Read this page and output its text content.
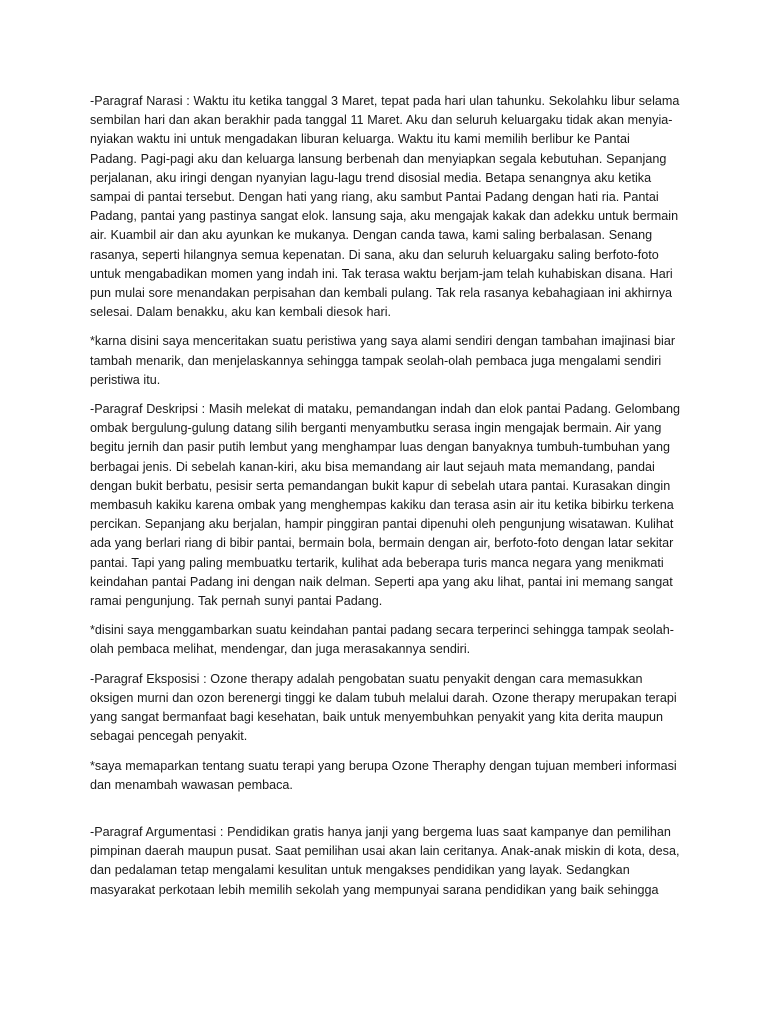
-Paragraf Narasi : Waktu itu ketika tanggal 3 Maret, tepat pada hari ulan tahunku. Sekolahku libur selama sembilan hari dan akan berakhir pada tanggal 11 Maret. Aku dan seluruh keluargaku tidak akan menyia-nyiakan waktu ini untuk mengadakan liburan keluarga. Waktu itu kami memilih berlibur ke Pantai Padang. Pagi-pagi aku dan keluarga lansung berbenah dan menyiapkan segala kebutuhan. Sepanjang perjalanan, aku iringi dengan nyanyian lagu-lagu trend disosial media. Betapa senangnya aku ketika sampai di pantai tersebut. Dengan hati yang riang, aku sambut Pantai Padang dengan hati ria. Pantai Padang, pantai yang pastinya sangat elok. lansung saja, aku mengajak kakak dan adekku untuk bermain air. Kuambil air dan aku ayunkan ke mukanya. Dengan canda tawa, kami saling berbalasan. Senang rasanya, seperti hilangnya semua kepenatan. Di sana, aku dan seluruh keluargaku saling berfoto-foto untuk mengabadikan momen yang indah ini. Tak terasa waktu berjam-jam telah kuhabiskan disana. Hari pun mulai sore menandakan perpisahan dan kembali pulang. Tak rela rasanya kebahagiaan ini akhirnya selesai. Dalam benakku, aku kan kembali diesok hari.

*karna disini saya menceritakan suatu peristiwa yang saya alami sendiri dengan tambahan imajinasi biar tambah menarik, dan menjelaskannya sehingga tampak seolah-olah pembaca juga mengalami sendiri peristiwa itu.

-Paragraf Deskripsi : Masih melekat di mataku, pemandangan indah dan elok pantai Padang. Gelombang ombak bergulung-gulung datang silih berganti menyambutku serasa ingin mengajak bermain. Air yang begitu jernih dan pasir putih lembut yang menghampar luas dengan banyaknya tumbuh-tumbuhan yang berbagai jenis. Di sebelah kanan-kiri, aku bisa memandang air laut sejauh mata memandang, pandai dengan bukit berbatu, pesisir serta pemandangan bukit kapur di sebelah utara pantai. Kurasakan dingin membasuh kakiku karena ombak yang menghempas kakiku dan terasa asin air itu ketika bibirku terkena percikan. Sepanjang aku berjalan, hampir pinggiran pantai dipenuhi oleh pengunjung wisatawan. Kulihat ada yang berlari riang di bibir pantai, bermain bola, bermain dengan air, berfoto-foto dengan latar sekitar pantai. Tapi yang paling membuatku tertarik, kulihat ada beberapa turis manca negara yang menikmati keindahan pantai Padang ini dengan naik delman. Seperti apa yang aku lihat, pantai ini memang sangat ramai pengunjung. Tak pernah sunyi pantai Padang.

*disini saya menggambarkan suatu keindahan pantai padang secara terperinci sehingga tampak seolah-olah pembaca melihat, mendengar, dan juga merasakannya sendiri.

-Paragraf Eksposisi : Ozone therapy adalah pengobatan suatu penyakit dengan cara memasukkan oksigen murni dan ozon berenergi tinggi ke dalam tubuh melalui darah. Ozone therapy merupakan terapi yang sangat bermanfaat bagi kesehatan, baik untuk menyembuhkan penyakit yang kita derita maupun sebagai pencegah penyakit.

*saya memaparkan tentang suatu terapi yang berupa Ozone Theraphy dengan tujuan memberi informasi dan menambah wawasan pembaca.

-Paragraf Argumentasi : Pendidikan gratis hanya janji yang bergema luas saat kampanye dan pemilihan pimpinan daerah maupun pusat. Saat pemilihan usai akan lain ceritanya. Anak-anak miskin di kota, desa, dan pedalaman tetap mengalami kesulitan untuk mengakses pendidikan yang layak. Sedangkan masyarakat perkotaan lebih memilih sekolah yang mempunyai sarana pendidikan yang baik sehingga
